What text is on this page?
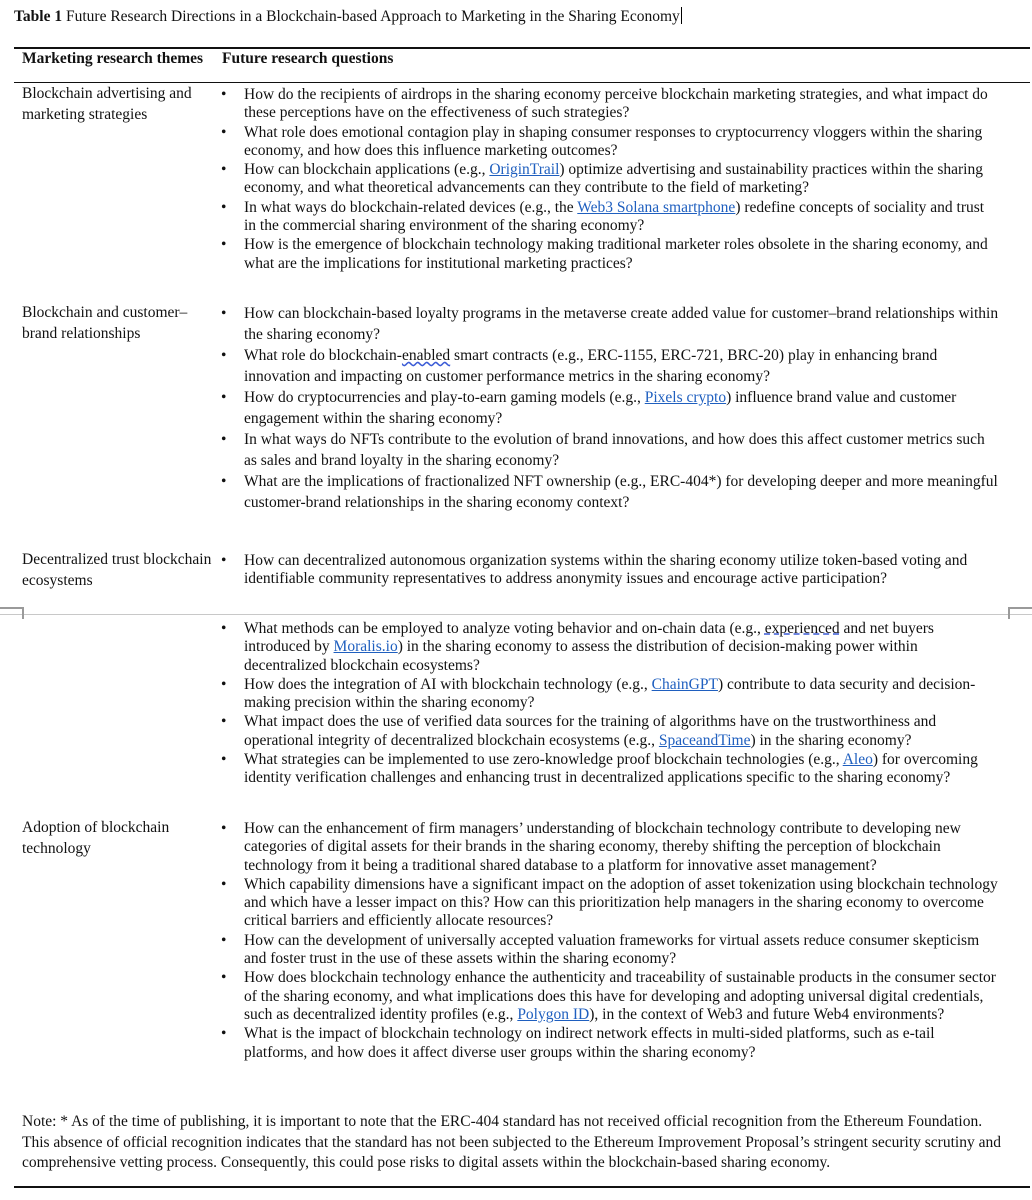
Table 1 Future Research Directions in a Blockchain-based Approach to Marketing in the Sharing Economy
Marketing research themes Future research questions
Blockchain advertising and marketing strategies
• How do the recipients of airdrops in the sharing economy perceive blockchain marketing strategies, and what impact do these perceptions have on the effectiveness of such strategies?
• What role does emotional contagion play in shaping consumer responses to cryptocurrency vloggers within the sharing economy, and how does this influence marketing outcomes?
• How can blockchain applications (e.g., OriginTrail) optimize advertising and sustainability practices within the sharing economy, and what theoretical advancements can they contribute to the field of marketing?
• In what ways do blockchain-related devices (e.g., the Web3 Solana smartphone) redefine concepts of sociality and trust in the commercial sharing environment of the sharing economy?
• How is the emergence of blockchain technology making traditional marketer roles obsolete in the sharing economy, and what are the implications for institutional marketing practices?
Blockchain and customer–brand relationships
• How can blockchain-based loyalty programs in the metaverse create added value for customer–brand relationships within the sharing economy?
• What role do blockchain-enabled smart contracts (e.g., ERC-1155, ERC-721, BRC-20) play in enhancing brand innovation and impacting on customer performance metrics in the sharing economy?
• How do cryptocurrencies and play-to-earn gaming models (e.g., Pixels crypto) influence brand value and customer engagement within the sharing economy?
• In what ways do NFTs contribute to the evolution of brand innovations, and how does this affect customer metrics such as sales and brand loyalty in the sharing economy?
• What are the implications of fractionalized NFT ownership (e.g., ERC-404*) for developing deeper and more meaningful customer-brand relationships in the sharing economy context?
Decentralized trust blockchain ecosystems
• How can decentralized autonomous organization systems within the sharing economy utilize token-based voting and identifiable community representatives to address anonymity issues and encourage active participation?
• What methods can be employed to analyze voting behavior and on-chain data (e.g., experienced and net buyers introduced by Moralis.io) in the sharing economy to assess the distribution of decision-making power within decentralized blockchain ecosystems?
• How does the integration of AI with blockchain technology (e.g., ChainGPT) contribute to data security and decision-making precision within the sharing economy?
• What impact does the use of verified data sources for the training of algorithms have on the trustworthiness and operational integrity of decentralized blockchain ecosystems (e.g., SpaceandTime) in the sharing economy?
• What strategies can be implemented to use zero-knowledge proof blockchain technologies (e.g., Aleo) for overcoming identity verification challenges and enhancing trust in decentralized applications specific to the sharing economy?
Adoption of blockchain technology
• How can the enhancement of firm managers’ understanding of blockchain technology contribute to developing new categories of digital assets for their brands in the sharing economy, thereby shifting the perception of blockchain technology from it being a traditional shared database to a platform for innovative asset management?
• Which capability dimensions have a significant impact on the adoption of asset tokenization using blockchain technology and which have a lesser impact on this? How can this prioritization help managers in the sharing economy to overcome critical barriers and efficiently allocate resources?
• How can the development of universally accepted valuation frameworks for virtual assets reduce consumer skepticism and foster trust in the use of these assets within the sharing economy?
• How does blockchain technology enhance the authenticity and traceability of sustainable products in the consumer sector of the sharing economy, and what implications does this have for developing and adopting universal digital credentials, such as decentralized identity profiles (e.g., Polygon ID), in the context of Web3 and future Web4 environments?
• What is the impact of blockchain technology on indirect network effects in multi-sided platforms, such as e-tail platforms, and how does it affect diverse user groups within the sharing economy?
Note: * As of the time of publishing, it is important to note that the ERC-404 standard has not received official recognition from the Ethereum Foundation. This absence of official recognition indicates that the standard has not been subjected to the Ethereum Improvement Proposal’s stringent security scrutiny and comprehensive vetting process. Consequently, this could pose risks to digital assets within the blockchain-based sharing economy.
